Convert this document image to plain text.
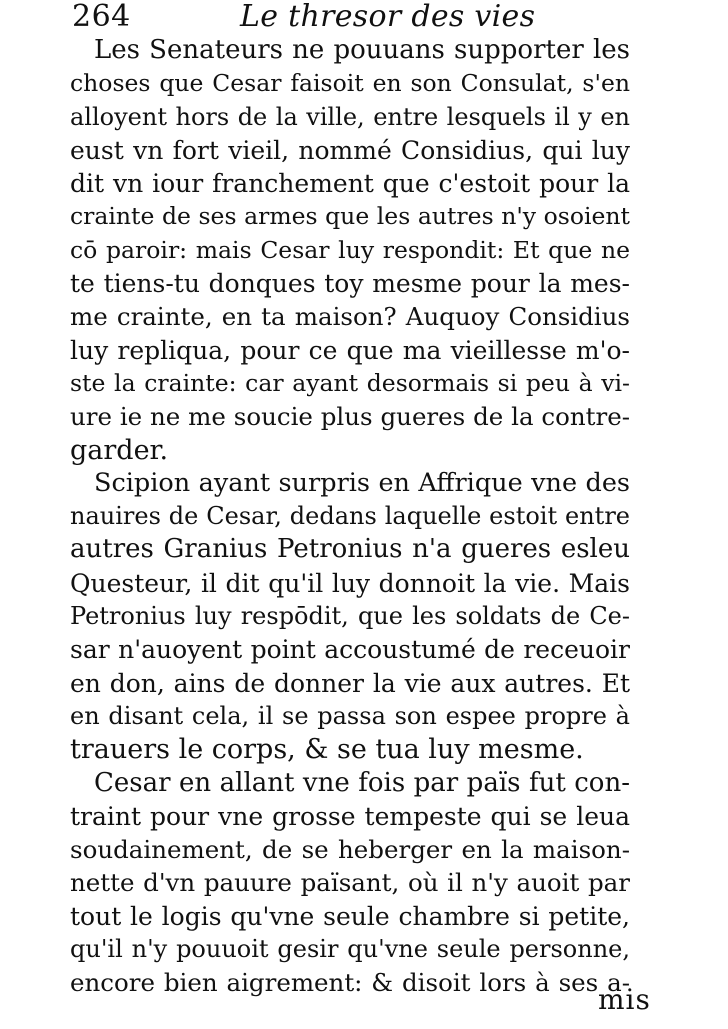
264	Le thresor des vies
Les Senateurs ne pouuans supporter les
choses que Cesar faisoit en son Consulat, s'en
alloyent hors de la ville, entre lesquels il y en
eust vn fort vieil, nommé Considius, qui luy
dit vn iour franchement que c'estoit pour la
crainte de ses armes que les autres n'y osoient
cō paroir: mais Cesar luy respondit: Et que ne
te tiens-tu donques toy mesme pour la mes-
me crainte, en ta maison? Auquoy Considius
luy repliqua, pour ce que ma vieillesse m'o-
ste la crainte: car ayant desormais si peu à vi-
ure ie ne me soucie plus gueres de la contre-
garder.
Scipion ayant surpris en Affrique vne des
nauires de Cesar, dedans laquelle estoit entre
autres Granius Petronius n'a gueres esleu
Questeur, il dit qu'il luy donnoit la vie. Mais
Petronius luy respōdit, que les soldats de Ce-
sar n'auoyent point accoustumé de receuoir
en don, ains de donner la vie aux autres. Et
en disant cela, il se passa son espee propre à
trauers le corps, & se tua luy mesme.
Cesar en allant vne fois par païs fut con-
traint pour vne grosse tempeste qui se leua
soudainement, de se heberger en la maison-
nette d'vn pauure païsant, où il n'y auoit par
tout le logis qu'vne seule chambre si petite,
qu'il n'y pouuoit gesir qu'vne seule personne,
encore bien aigrement: & disoit lors à ses a-
mis
